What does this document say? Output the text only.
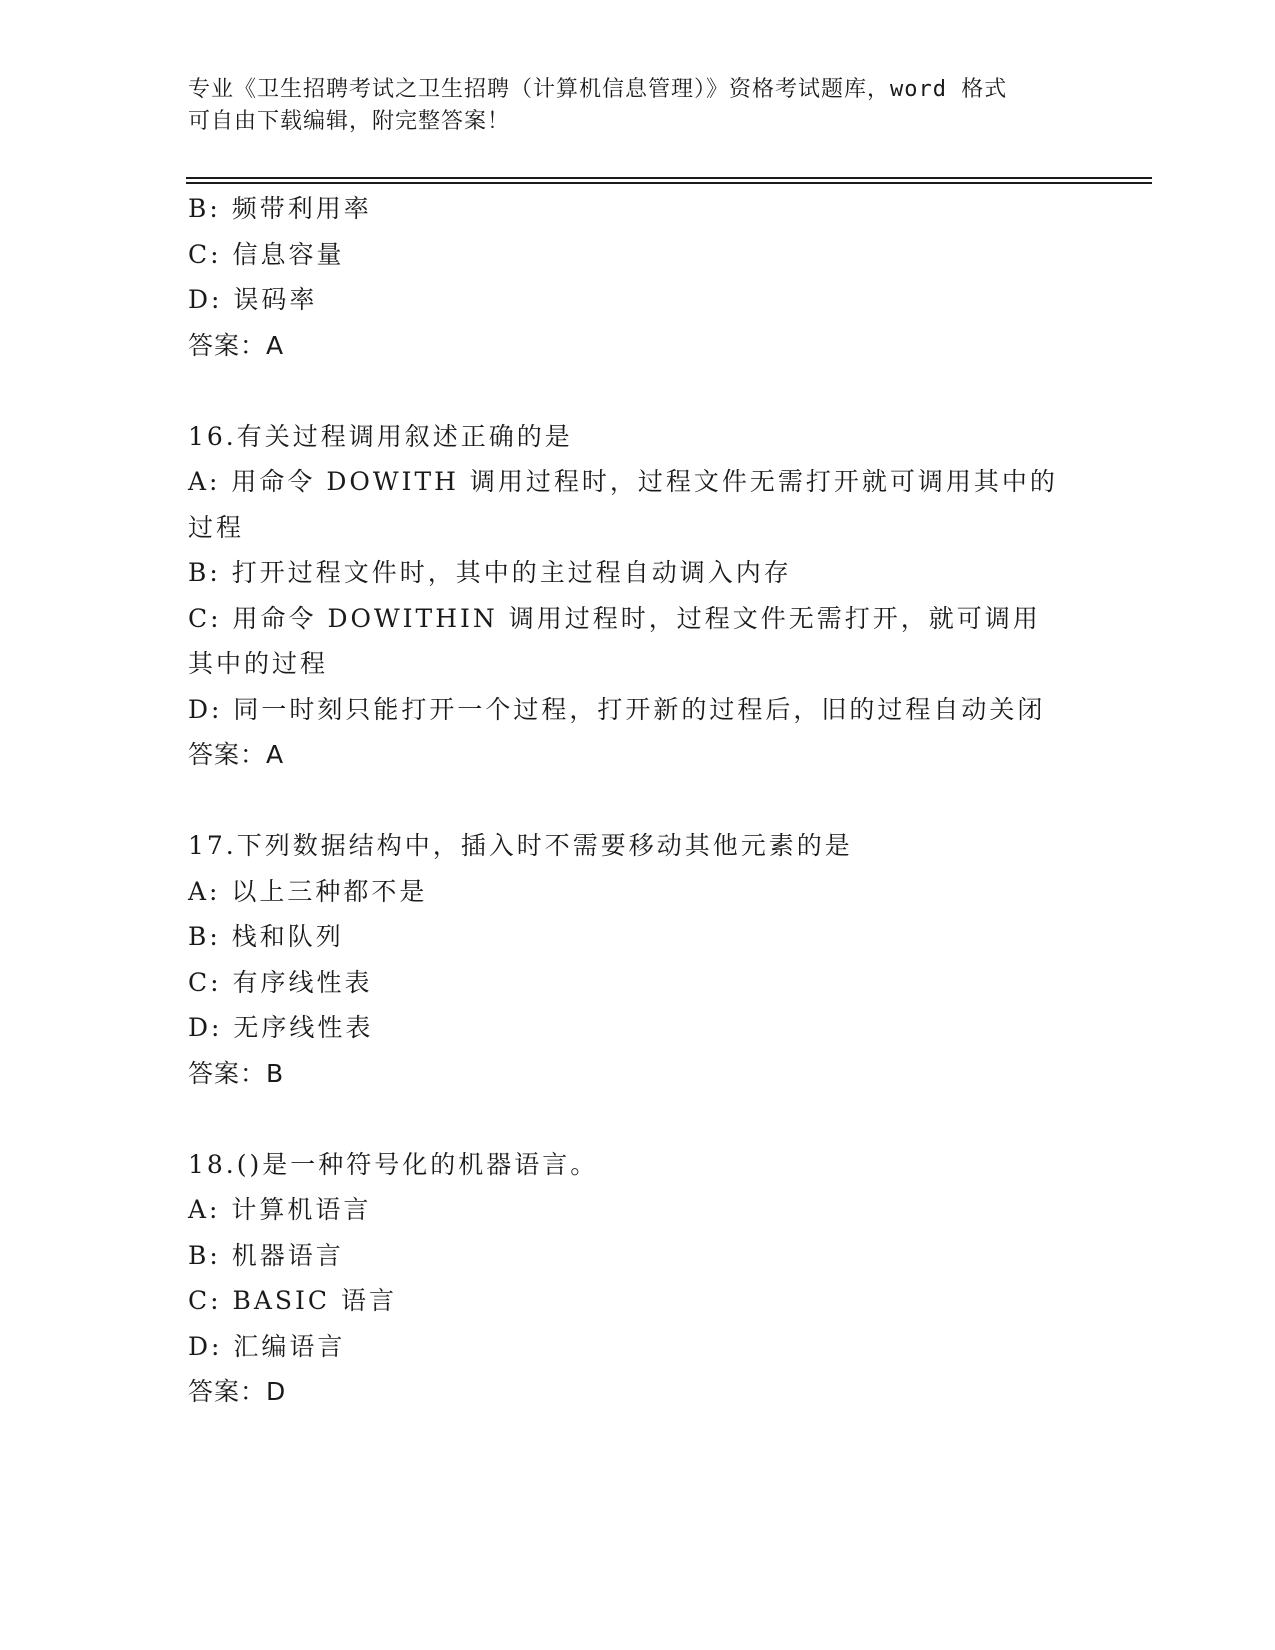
专业《卫生招聘考试之卫生招聘（计算机信息管理）》资格考试题库，word 格式
可自由下载编辑，附完整答案！
B: 频带利用率
C: 信息容量
D: 误码率
答案：A
16.有关过程调用叙述正确的是
A: 用命令 DOWITH 调用过程时，过程文件无需打开就可调用其中的过程
B: 打开过程文件时，其中的主过程自动调入内存
C: 用命令 DOWITHIN 调用过程时，过程文件无需打开，就可调用其中的过程
D: 同一时刻只能打开一个过程，打开新的过程后，旧的过程自动关闭
答案：A
17.下列数据结构中，插入时不需要移动其他元素的是
A: 以上三种都不是
B: 栈和队列
C: 有序线性表
D: 无序线性表
答案：B
18.()是一种符号化的机器语言。
A: 计算机语言
B: 机器语言
C: BASIC 语言
D: 汇编语言
答案：D
